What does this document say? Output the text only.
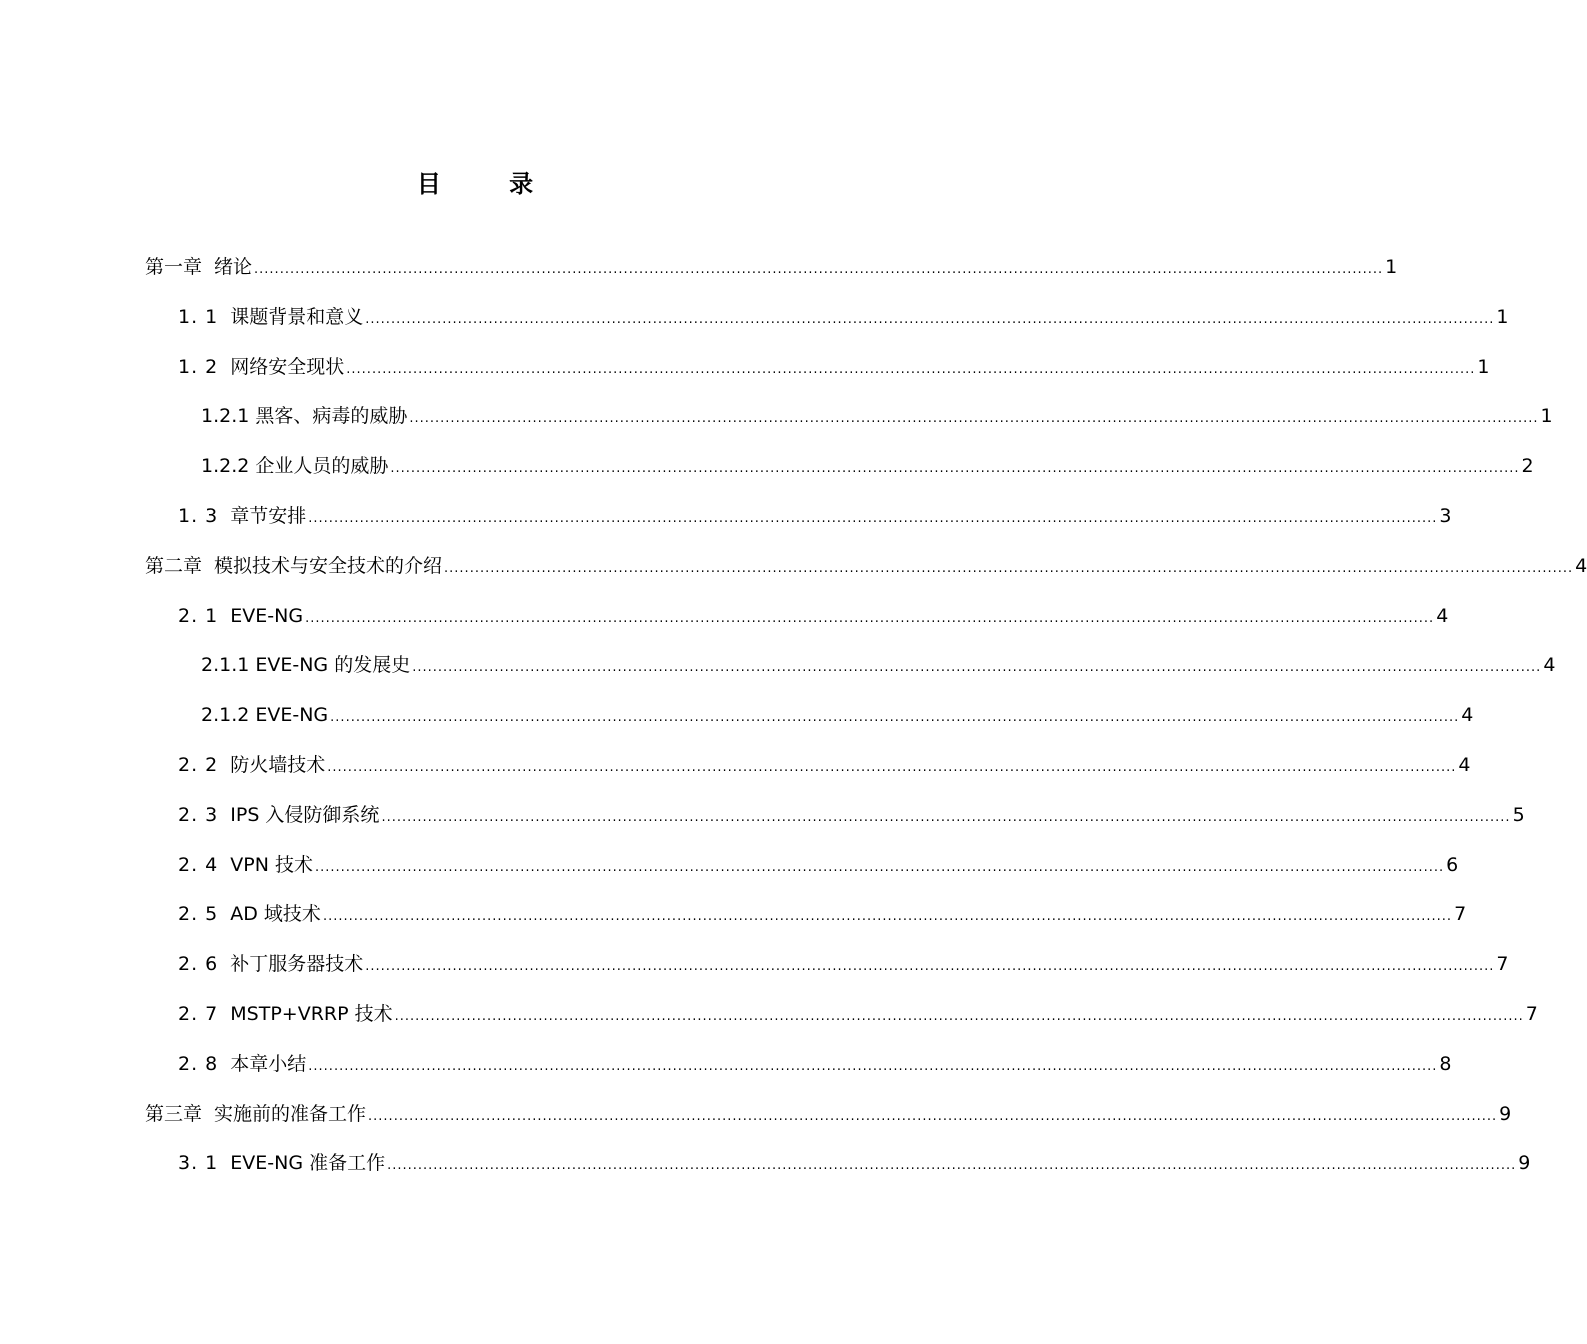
目 录
第一章 绪论 ............................................................................................................................................................................................................................ 1
1. 1 课题背景和意义 ............................................................................................................................................................................................................................ 1
1. 2 网络安全现状 ............................................................................................................................................................................................................................ 1
1.2.1 黑客、病毒的威胁 ............................................................................................................................................................................................................................ 1
1.2.2 企业人员的威胁 ............................................................................................................................................................................................................................ 2
1. 3 章节安排 ............................................................................................................................................................................................................................ 3
第二章 模拟技术与安全技术的介绍 ............................................................................................................................................................................................................................ 4
2. 1 EVE-NG ............................................................................................................................................................................................................................ 4
2.1.1 EVE-NG 的发展史 ............................................................................................................................................................................................................................ 4
2.1.2 EVE-NG ............................................................................................................................................................................................................................ 4
2. 2 防火墙技术 ............................................................................................................................................................................................................................ 4
2. 3 IPS 入侵防御系统 ............................................................................................................................................................................................................................ 5
2. 4 VPN 技术 ............................................................................................................................................................................................................................ 6
2. 5 AD 域技术 ............................................................................................................................................................................................................................ 7
2. 6 补丁服务器技术 ............................................................................................................................................................................................................................ 7
2. 7 MSTP+VRRP 技术 ............................................................................................................................................................................................................................ 7
2. 8 本章小结 ............................................................................................................................................................................................................................ 8
第三章 实施前的准备工作 ............................................................................................................................................................................................................................ 9
3. 1 EVE-NG 准备工作 ............................................................................................................................................................................................................................ 9
